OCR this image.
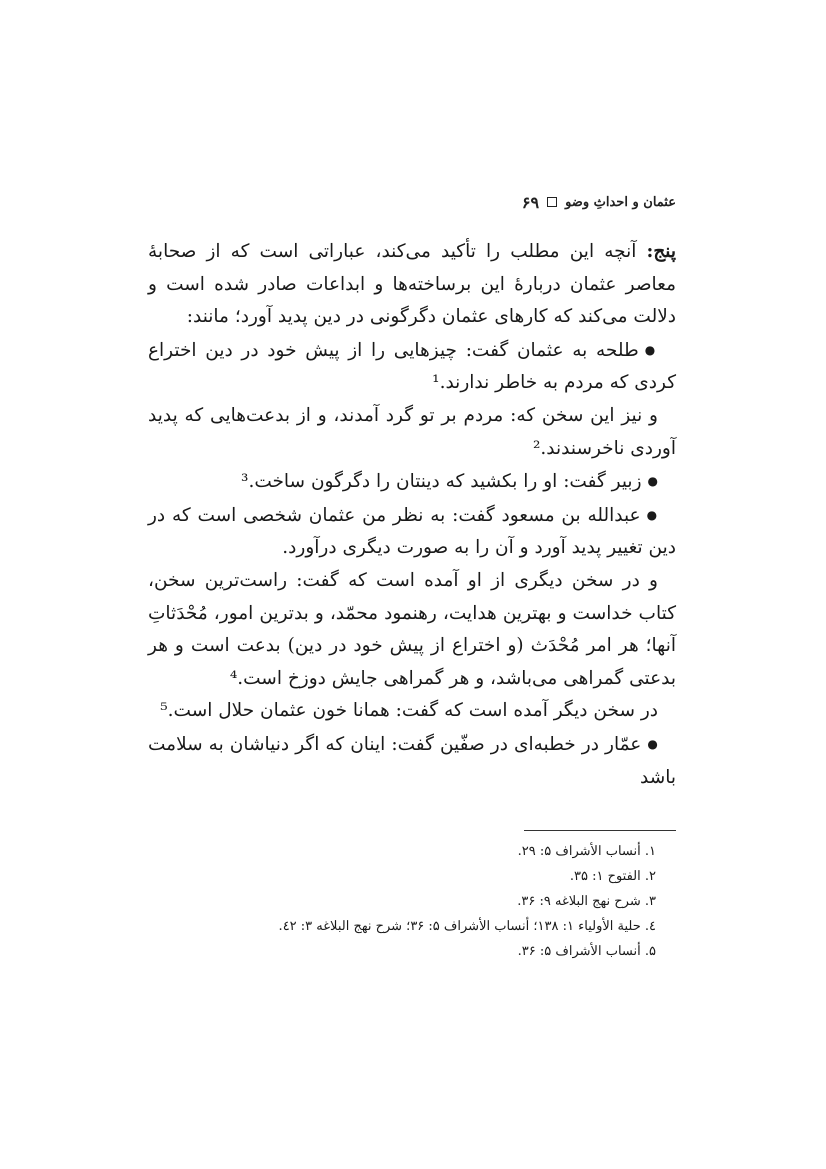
۶۹ عثمان و احداثِ وضو

پنج: آنچه این مطلب را تأکید می‌کند، عباراتی است که از صحابهٔ معاصر عثمان دربارهٔ این برساخته‌ها و ابداعات صادر شده است و دلالت می‌کند که کارهای عثمان دگرگونی در دین پدید آورد؛ مانند:

● طلحه به عثمان گفت: چیزهایی را از پیش خود در دین اختراع کردی که مردم به خاطر ندارند.¹

و نیز این سخن که: مردم بر تو گرد آمدند، و از بدعت‌هایی که پدید آوردی ناخرسندند.²

● زبیر گفت: او را بکشید که دینتان را دگرگون ساخت.³

● عبدالله بن مسعود گفت: به نظر من عثمان شخصی است که در دین تغییر پدید آورد و آن را به صورت دیگری درآورد.

و در سخن دیگری از او آمده است که گفت: راست‌ترین سخن، کتاب خداست و بهترین هدایت، رهنمود محمّد، و بدترین امور، مُحْدَثاتِ آنها؛ هر امر مُحْدَث (و اختراع از پیش خود در دین) بدعت است و هر بدعتی گمراهی می‌باشد، و هر گمراهی جایش دوزخ است.⁴

در سخن دیگر آمده است که گفت: همانا خون عثمان حلال است.⁵

● عمّار در خطبه‌ای در صفّین گفت: اینان که اگر دنیاشان به سلامت باشد

۱. أنساب الأشراف ۵: ۲۹.
۲. الفتوح ۱: ۳۵.
۳. شرح نهج البلاغه ۹: ۳۶.
٤. حلية الأولياء ۱: ۱۳۸؛ أنساب الأشراف ۵: ۳۶؛ شرح نهج البلاغه ۳: ٤۲.
۵. أنساب الأشراف ۵: ۳۶.
